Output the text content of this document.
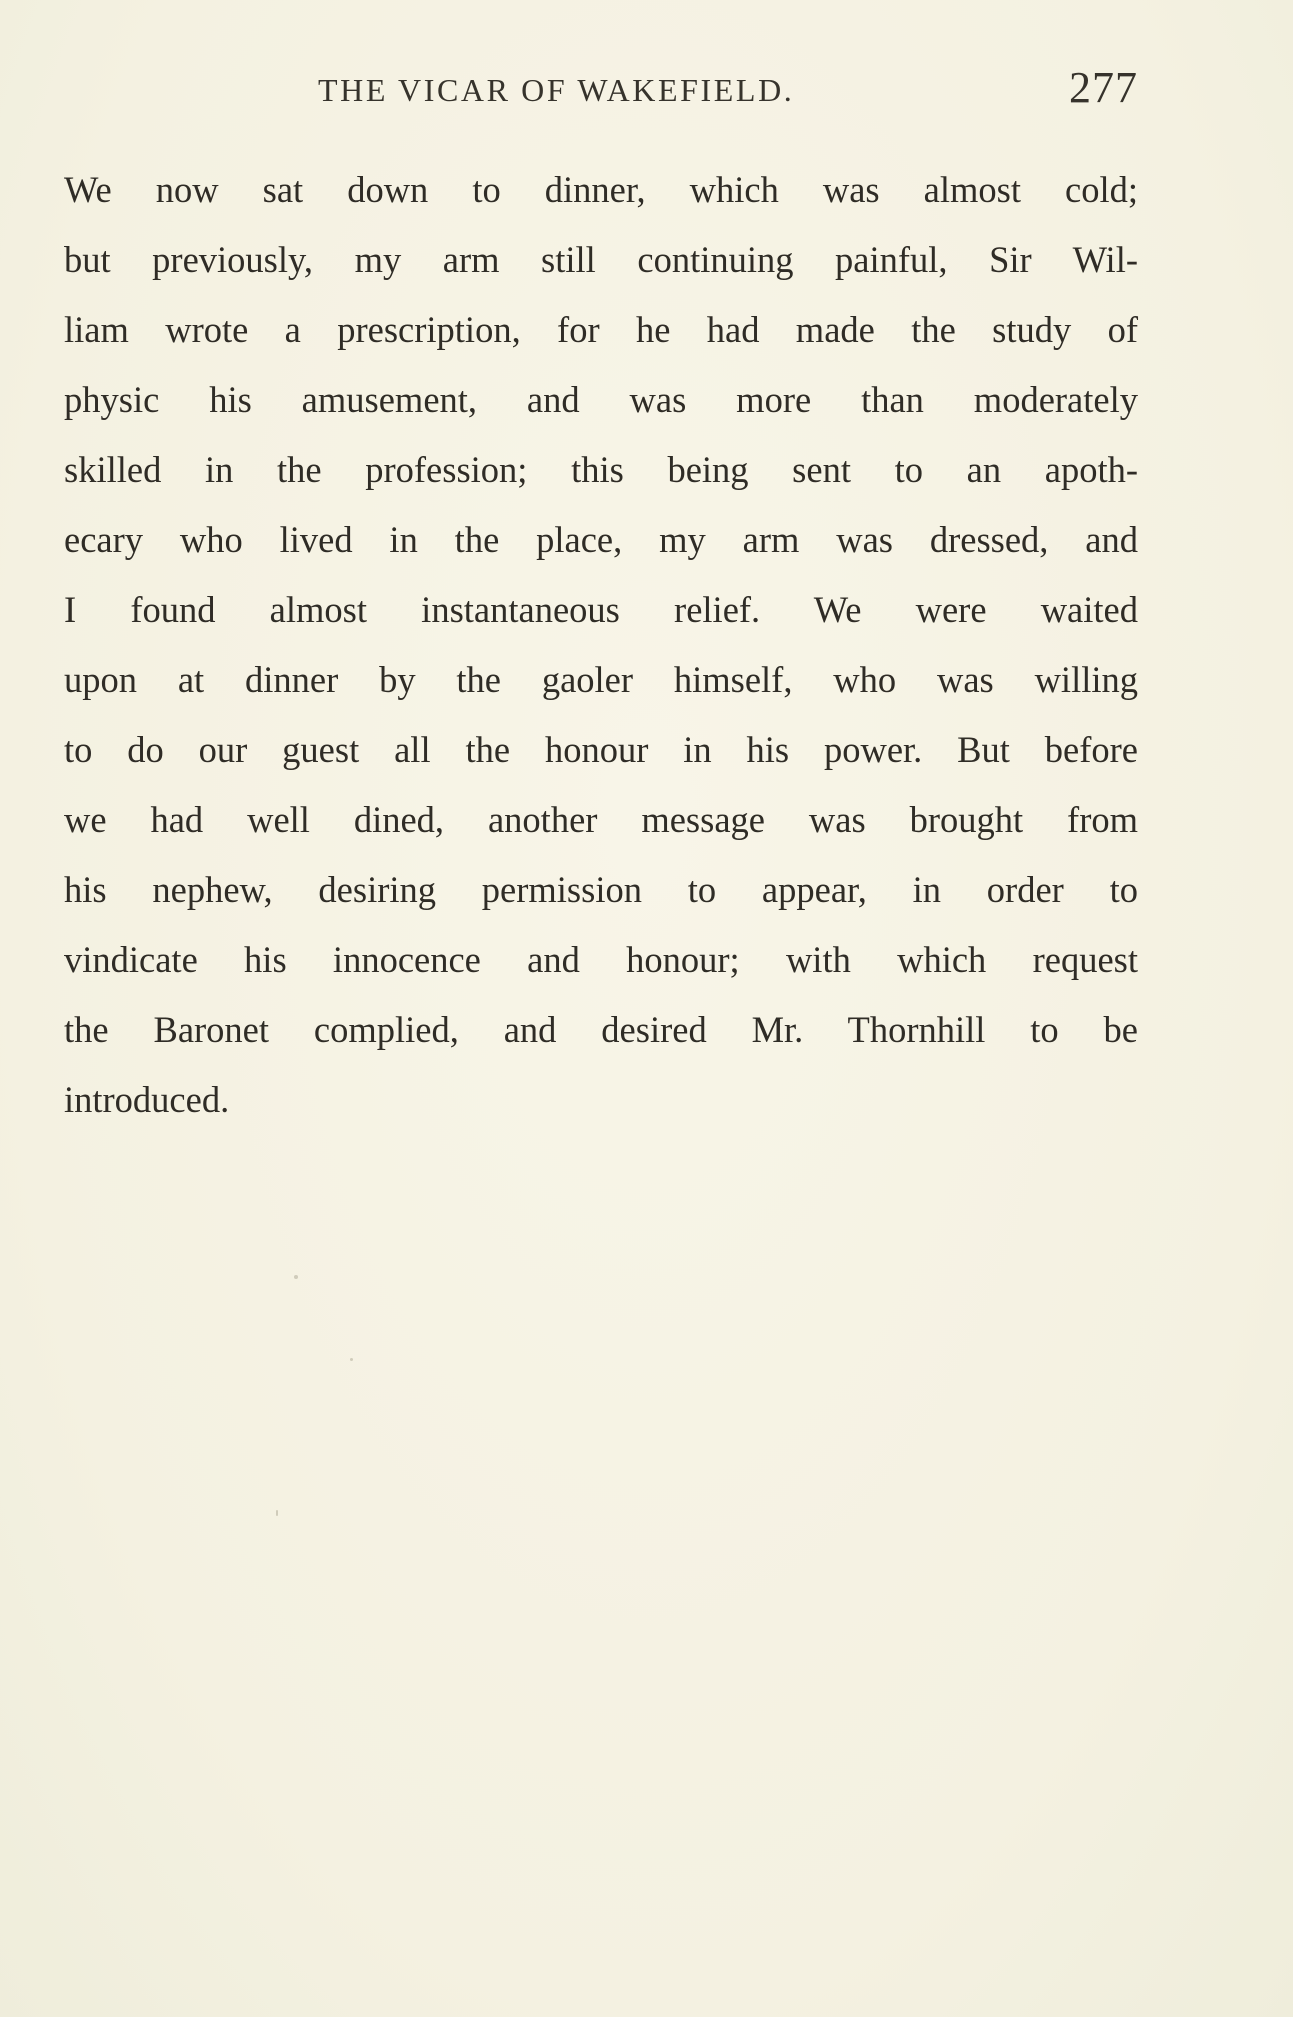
THE VICAR OF WAKEFIELD.	277
We now sat down to dinner, which was almost cold;
but previously, my arm still continuing painful, Sir Wil-
liam wrote a prescription, for he had made the study of
physic his amusement, and was more than moderately
skilled in the profession; this being sent to an apoth-
ecary who lived in the place, my arm was dressed, and
I found almost instantaneous relief. We were waited
upon at dinner by the gaoler himself, who was willing
to do our guest all the honour in his power. But before
we had well dined, another message was brought from
his nephew, desiring permission to appear, in order to
vindicate his innocence and honour; with which request
the Baronet complied, and desired Mr. Thornhill to be
introduced.
